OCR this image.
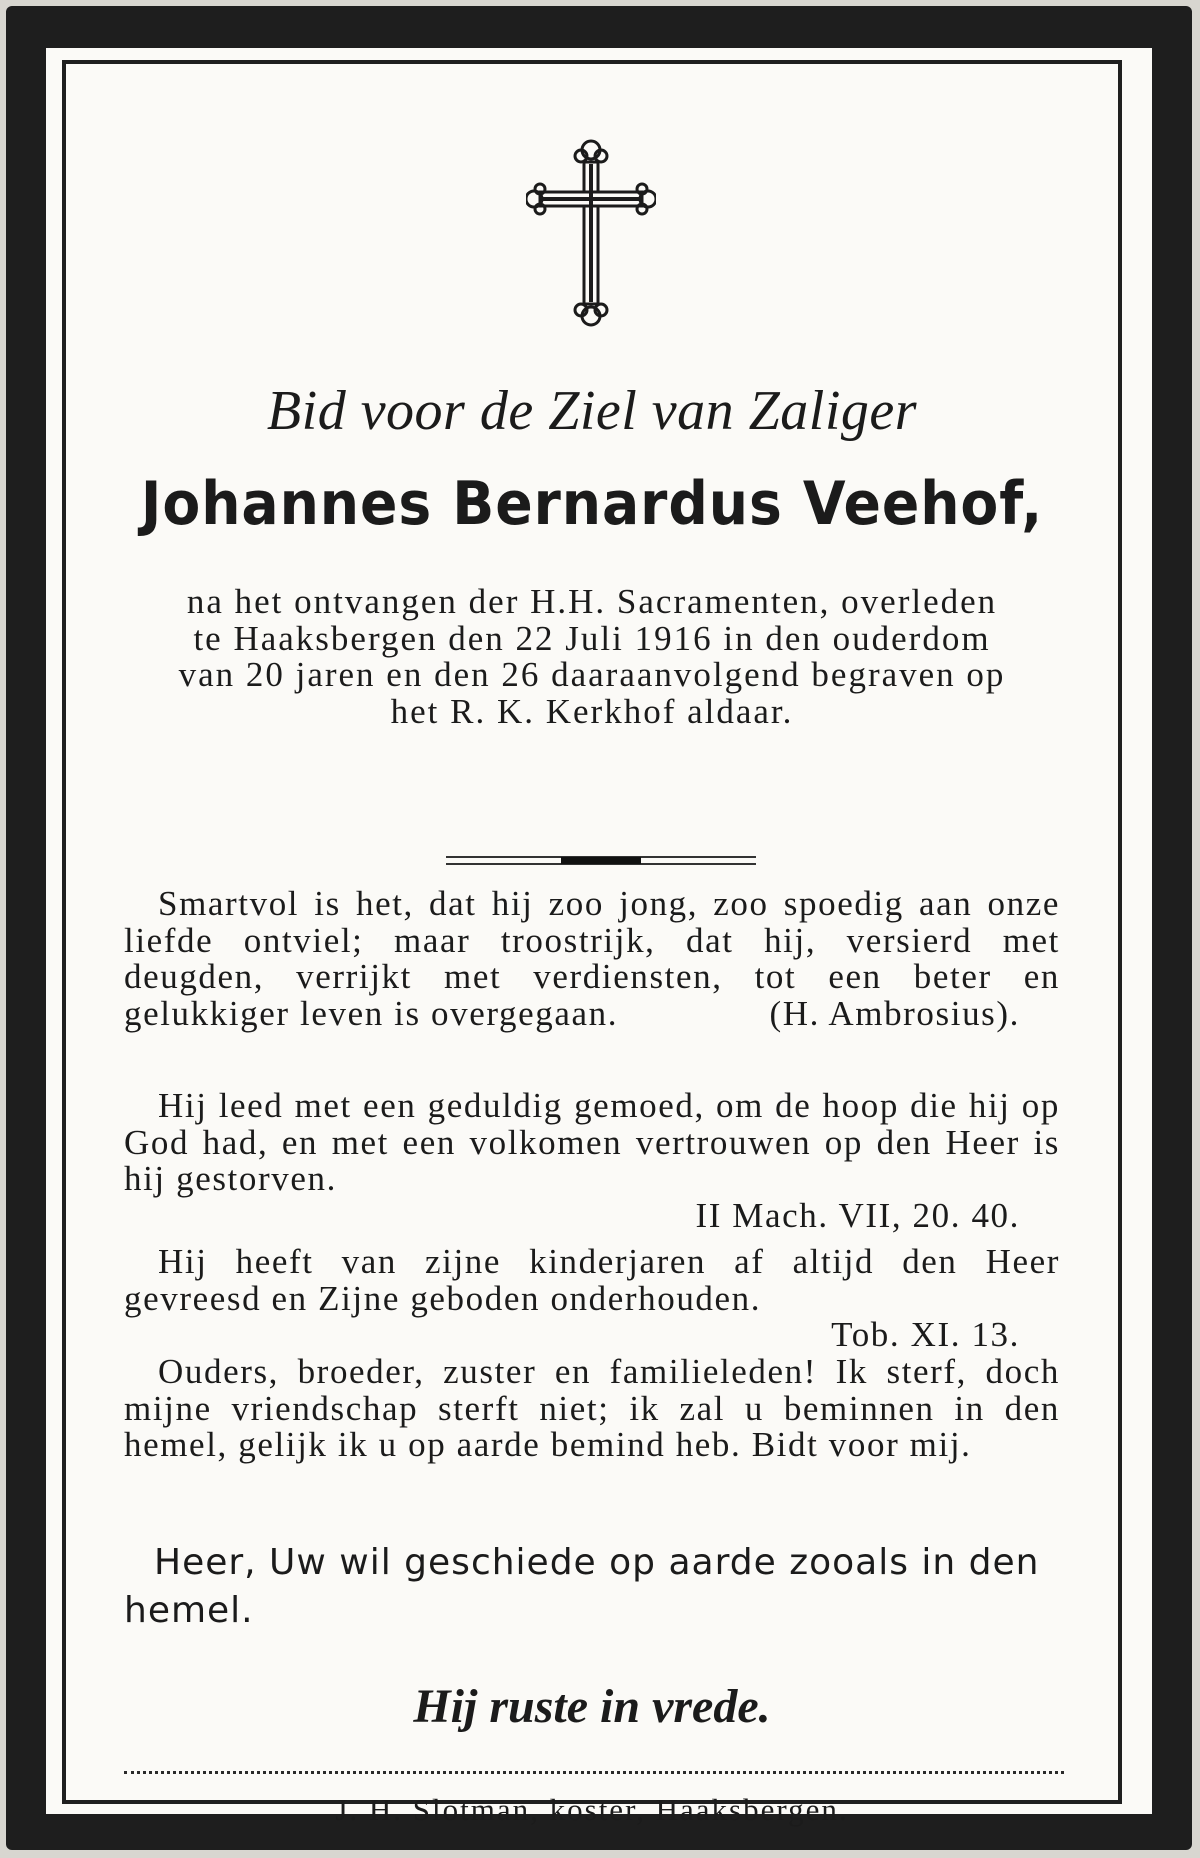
Bid voor de Ziel van Zaliger
Johannes Bernardus Veehof,
na het ontvangen der H.H. Sacramenten, overleden te Haaksbergen den 22 Juli 1916 in den ouderdom van 20 jaren en den 26 daaraanvolgend begraven op het R. K. Kerkhof aldaar.
Smartvol is het, dat hij zoo jong, zoo spoedig aan onze liefde ontviel; maar troostrijk, dat hij, versierd met deugden, verrijkt met verdiensten, tot een beter en gelukkiger leven is overgegaan.	(H. Ambrosius).
Hij leed met een geduldig gemoed, om de hoop die hij op God had, en met een volkomen vertrouwen op den Heer is hij gestorven.
II Mach. VII, 20. 40.
Hij heeft van zijne kinderjaren af altijd den Heer gevreesd en Zijne geboden onderhouden.
Tob. XI. 13.
Ouders, broeder, zuster en familieleden! Ik sterf, doch mijne vriendschap sterft niet; ik zal u beminnen in den hemel, gelijk ik u op aarde bemind heb. Bidt voor mij.
Heer, Uw wil geschiede op aarde zooals in den hemel.
Hij ruste in vrede.
J. H. Slotman, koster, Haaksbergen.
